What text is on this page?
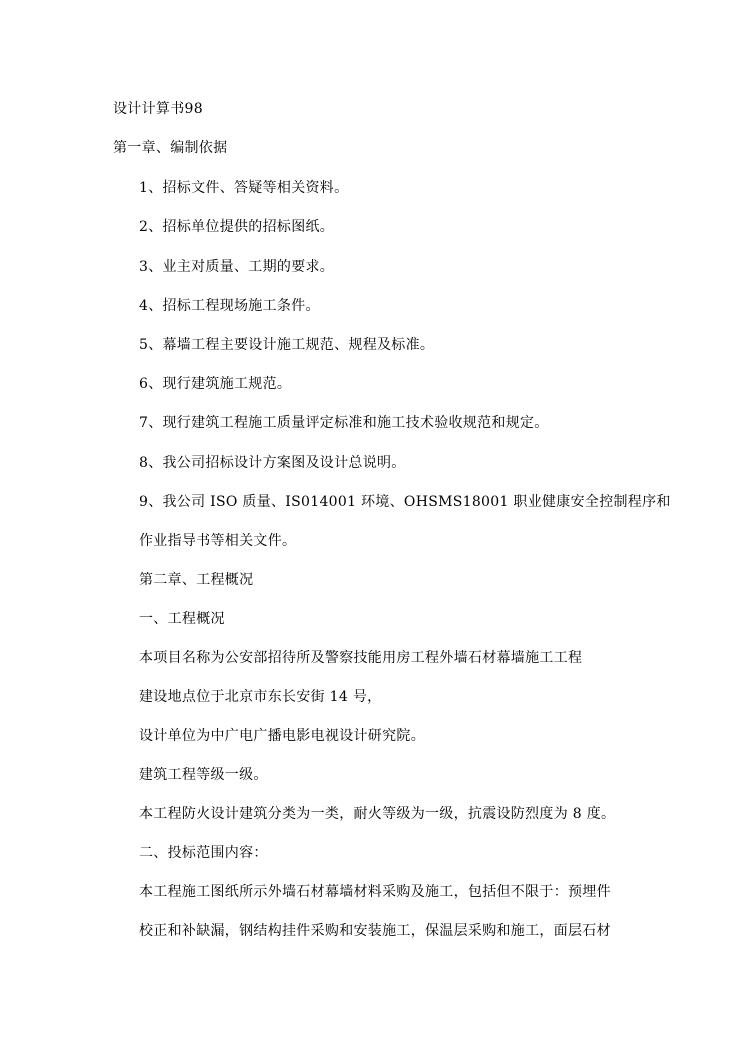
设计计算书98
第一章、编制依据
1、招标文件、答疑等相关资料。
2、招标单位提供的招标图纸。
3、业主对质量、工期的要求。
4、招标工程现场施工条件。
5、幕墙工程主要设计施工规范、规程及标准。
6、现行建筑施工规范。
7、现行建筑工程施工质量评定标准和施工技术验收规范和规定。
8、我公司招标设计方案图及设计总说明。
9、我公司 ISO 质量、IS014001 环境、OHSMS18001 职业健康安全控制程序和
作业指导书等相关文件。
第二章、工程概况
一、工程概况
本项目名称为公安部招待所及警察技能用房工程外墙石材幕墙施工工程
建设地点位于北京市东长安街 14 号，
设计单位为中广电广播电影电视设计研究院。
建筑工程等级一级。
本工程防火设计建筑分类为一类，耐火等级为一级，抗震设防烈度为 8 度。
二、投标范围内容：
本工程施工图纸所示外墙石材幕墙材料采购及施工，包括但不限于：预埋件
校正和补缺漏，钢结构挂件采购和安装施工，保温层采购和施工，面层石材
